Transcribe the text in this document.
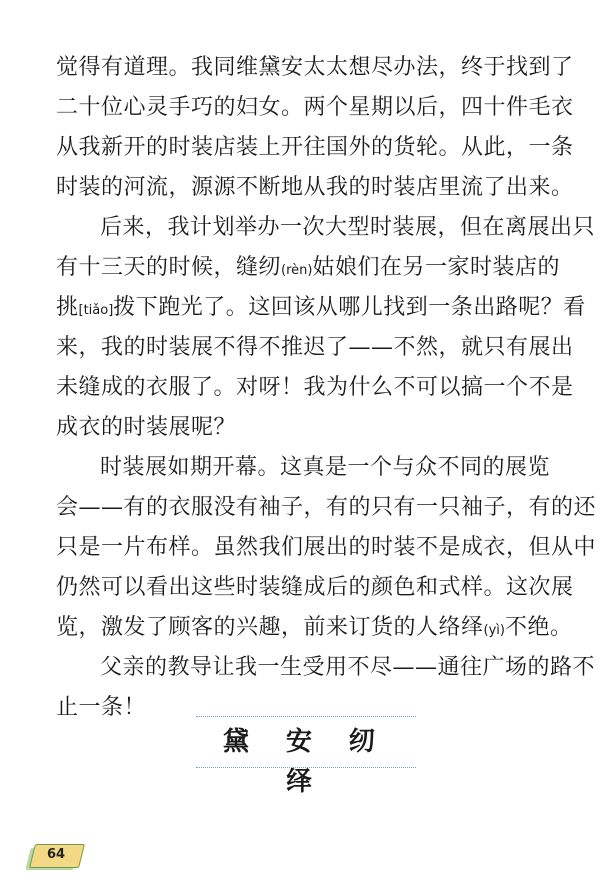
觉得有道理。我同维黛安太太想尽办法，终于找到了
二十位心灵手巧的妇女。两个星期以后，四十件毛衣
从我新开的时装店装上开往国外的货轮。从此，一条
时装的河流，源源不断地从我的时装店里流了出来。
后来，我计划举办一次大型时装展，但在离展出只
有十三天的时候，缝纫(rèn)姑娘们在另一家时装店的
挑[tiǎo]拨下跑光了。这回该从哪儿找到一条出路呢？看
来，我的时装展不得不推迟了——不然，就只有展出
未缝成的衣服了。对呀！我为什么不可以搞一个不是
成衣的时装展呢？
时装展如期开幕。这真是一个与众不同的展览
会——有的衣服没有袖子，有的只有一只袖子，有的还
只是一片布样。虽然我们展出的时装不是成衣，但从中
仍然可以看出这些时装缝成后的颜色和式样。这次展
览，激发了顾客的兴趣，前来订货的人络绎(yì)不绝。
父亲的教导让我一生受用不尽——通往广场的路不
止一条！
黛 安 纫 绎
64
